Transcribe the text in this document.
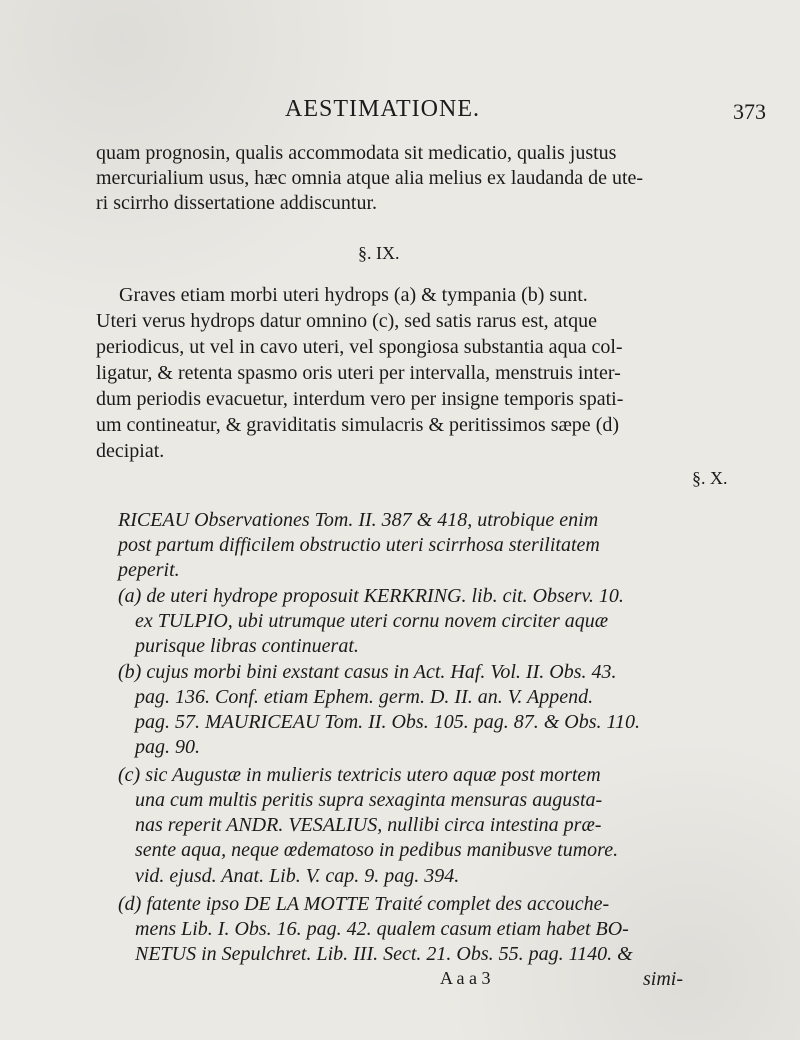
AESTIMATIONE.	373
quam prognosin, qualis accommodata sit medicatio, qualis justus
mercurialium usus, hæc omnia atque alia melius ex laudanda de ute-
ri scirrho dissertatione addiscuntur.
§. IX.
Graves etiam morbi uteri hydrops (a) & tympania (b) sunt.
Uteri verus hydrops datur omnino (c), sed satis rarus est, atque
periodicus, ut vel in cavo uteri, vel spongiosa substantia aqua col-
ligatur, & retenta spasmo oris uteri per intervalla, menstruis inter-
dum periodis evacuetur, interdum vero per insigne temporis spati-
um contineatur, & graviditatis simulacris & peritissimos sæpe (d)
decipiat.
§. X.
RICEAU Observationes Tom. II. 387 & 418, utrobique enim
post partum difficilem obstructio uteri scirrhosa sterilitatem
peperit.
(a) de uteri hydrope proposuit KERKRING. lib. cit. Observ. 10.
ex TULPIO, ubi utrumque uteri cornu novem circiter aquæ
purisque libras continuerat.
(b) cujus morbi bini exstant casus in Act. Haf. Vol. II. Obs. 43.
pag. 136. Conf. etiam Ephem. germ. D. II. an. V. Append.
pag. 57. MAURICEAU Tom. II. Obs. 105. pag. 87. & Obs. 110.
pag. 90.
(c) sic Augustæ in mulieris textricis utero aquæ post mortem
una cum multis peritis supra sexaginta mensuras augusta-
nas reperit ANDR. VESALIUS, nullibi circa intestina præ-
sente aqua, neque œdematoso in pedibus manibusve tumore.
vid. ejusd. Anat. Lib. V. cap. 9. pag. 394.
(d) fatente ipso DE LA MOTTE Traité complet des accouche-
mens Lib. I. Obs. 16. pag. 42. qualem casum etiam habet BO-
NETUS in Sepulchret. Lib. III. Sect. 21. Obs. 55. pag. 1140. &
A a a 3	simi-
